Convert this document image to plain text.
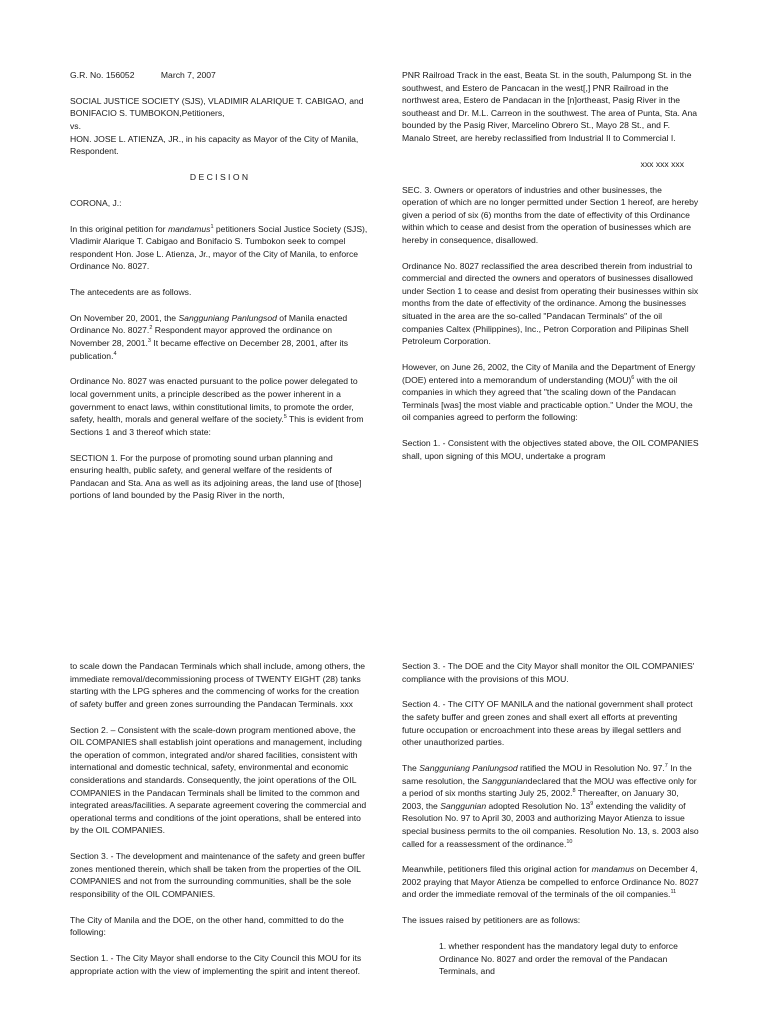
G.R. No. 156052	March 7, 2007

SOCIAL JUSTICE SOCIETY (SJS), VLADIMIR ALARIQUE T. CABIGAO, and BONIFACIO S. TUMBOKON,Petitioners,

vs.

HON. JOSE L. ATIENZA, JR., in his capacity as Mayor of the City of Manila, Respondent.

D E C I S I O N

CORONA, J.:

In this original petition for mandamus$^1$ petitioners Social Justice Society (SJS), Vladimir Alarique T. Cabigao and Bonifacio S. Tumbokon seek to compel respondent Hon. Jose L. Atienza, Jr., mayor of the City of Manila, to enforce Ordinance No. 8027.

The antecedents are as follows.

On November 20, 2001, the Sangguniang Panlungsod of Manila enacted Ordinance No. 8027.$^2$ Respondent mayor approved the ordinance on November 28, 2001.$^3$ It became effective on December 28, 2001, after its publication.$^4$

Ordinance No. 8027 was enacted pursuant to the police power delegated to local government units, a principle described as the power inherent in a government to enact laws, within constitutional limits, to promote the order, safety, health, morals and general welfare of the society.$^5$ This is evident from Sections 1 and 3 thereof which state:

SECTION 1. For the purpose of promoting sound urban planning and ensuring health, public safety, and general welfare of the residents of Pandacan and Sta. Ana as well as its adjoining areas, the land use of [those] portions of land bounded by the Pasig River in the north,

PNR Railroad Track in the east, Beata St. in the south, Palumpong St. in the southwest, and Estero de Pancacan in the west[,] PNR Railroad in the northwest area, Estero de Pandacan in the [n]ortheast, Pasig River in the southeast and Dr. M.L. Carreon in the southwest. The area of Punta, Sta. Ana bounded by the Pasig River, Marcelino Obrero St., Mayo 28 St., and F. Manalo Street, are hereby reclassified from Industrial II to Commercial I.

xxx xxx xxx

SEC. 3. Owners or operators of industries and other businesses, the operation of which are no longer permitted under Section 1 hereof, are hereby given a period of six (6) months from the date of effectivity of this Ordinance within which to cease and desist from the operation of businesses which are hereby in consequence, disallowed.

Ordinance No. 8027 reclassified the area described therein from industrial to commercial and directed the owners and operators of businesses disallowed under Section 1 to cease and desist from operating their businesses within six months from the date of effectivity of the ordinance. Among the businesses situated in the area are the so-called "Pandacan Terminals" of the oil companies Caltex (Philippines), Inc., Petron Corporation and Pilipinas Shell Petroleum Corporation.

However, on June 26, 2002, the City of Manila and the Department of Energy (DOE) entered into a memorandum of understanding (MOU)$^6$ with the oil companies in which they agreed that "the scaling down of the Pandacan Terminals [was] the most viable and practicable option." Under the MOU, the oil companies agreed to perform the following:

Section 1. - Consistent with the objectives stated above, the OIL COMPANIES shall, upon signing of this MOU, undertake a program

to scale down the Pandacan Terminals which shall include, among others, the immediate removal/decommissioning process of TWENTY EIGHT (28) tanks starting with the LPG spheres and the commencing of works for the creation of safety buffer and green zones surrounding the Pandacan Terminals. xxx

Section 2. – Consistent with the scale-down program mentioned above, the OIL COMPANIES shall establish joint operations and management, including the operation of common, integrated and/or shared facilities, consistent with international and domestic technical, safety, environmental and economic considerations and standards. Consequently, the joint operations of the OIL COMPANIES in the Pandacan Terminals shall be limited to the common and integrated areas/facilities. A separate agreement covering the commercial and operational terms and conditions of the joint operations, shall be entered into by the OIL COMPANIES.

Section 3. - The development and maintenance of the safety and green buffer zones mentioned therein, which shall be taken from the properties of the OIL COMPANIES and not from the surrounding communities, shall be the sole responsibility of the OIL COMPANIES.

The City of Manila and the DOE, on the other hand, committed to do the following:

Section 1. - The City Mayor shall endorse to the City Council this MOU for its appropriate action with the view of implementing the spirit and intent thereof.

Section 3. - The DOE and the City Mayor shall monitor the OIL COMPANIES' compliance with the provisions of this MOU.

Section 4. - The CITY OF MANILA and the national government shall protect the safety buffer and green zones and shall exert all efforts at preventing future occupation or encroachment into these areas by illegal settlers and other unauthorized parties.

The Sangguniang Panlungsod ratified the MOU in Resolution No. 97.$^7$ In the same resolution, the Sangguniandeclared that the MOU was effective only for a period of six months starting July 25, 2002.$^8$ Thereafter, on January 30, 2003, the Sanggunian adopted Resolution No. $13^9$ extending the validity of Resolution No. 97 to April 30, 2003 and authorizing Mayor Atienza to issue special business permits to the oil companies. Resolution No. 13, s. 2003 also called for a reassessment of the ordinance.$^{10}$

Meanwhile, petitioners filed this original action for mandamus on December 4, 2002 praying that Mayor Atienza be compelled to enforce Ordinance No. 8027 and order the immediate removal of the terminals of the oil companies.$^{11}$

The issues raised by petitioners are as follows:

1. whether respondent has the mandatory legal duty to enforce Ordinance No. 8027 and order the removal of the Pandacan Terminals, and
